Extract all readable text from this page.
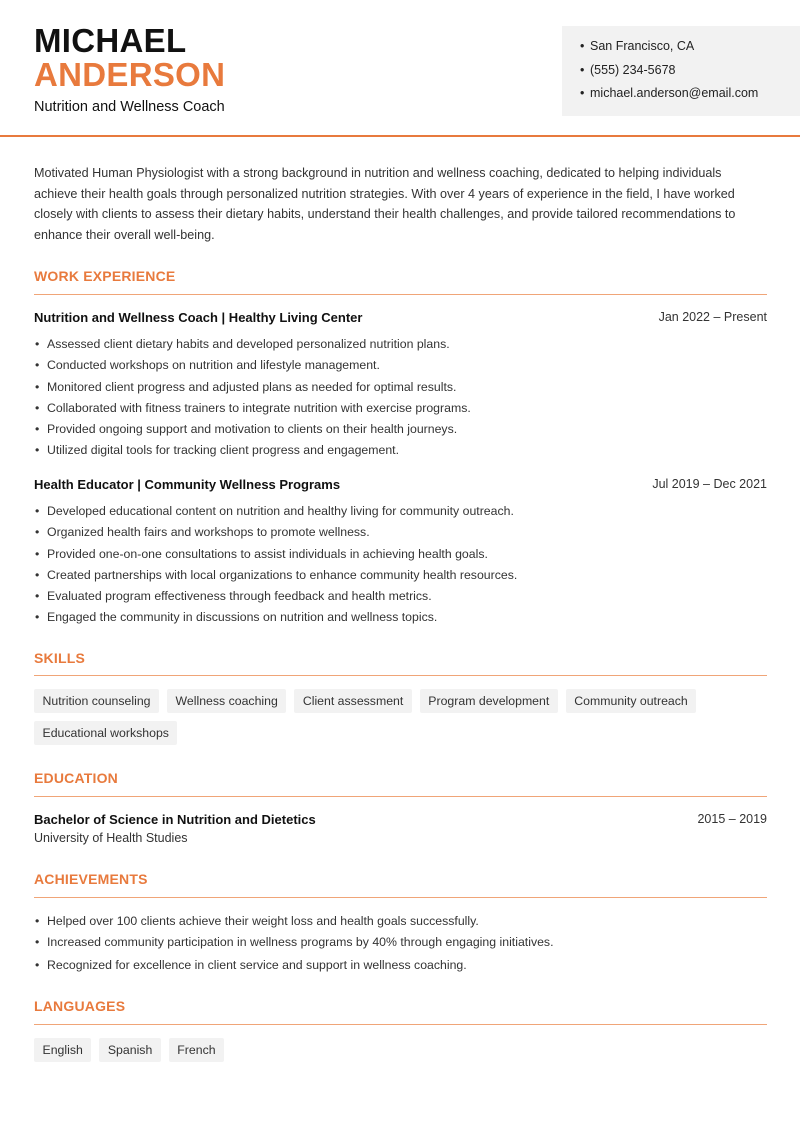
MICHAEL
ANDERSON
Nutrition and Wellness Coach
• San Francisco, CA
• (555) 234-5678
• michael.anderson@email.com
Motivated Human Physiologist with a strong background in nutrition and wellness coaching, dedicated to helping individuals achieve their health goals through personalized nutrition strategies. With over 4 years of experience in the field, I have worked closely with clients to assess their dietary habits, understand their health challenges, and provide tailored recommendations to enhance their overall well-being.
WORK EXPERIENCE
Nutrition and Wellness Coach | Healthy Living Center	Jan 2022 – Present
• Assessed client dietary habits and developed personalized nutrition plans.
• Conducted workshops on nutrition and lifestyle management.
• Monitored client progress and adjusted plans as needed for optimal results.
• Collaborated with fitness trainers to integrate nutrition with exercise programs.
• Provided ongoing support and motivation to clients on their health journeys.
• Utilized digital tools for tracking client progress and engagement.
Health Educator | Community Wellness Programs	Jul 2019 – Dec 2021
• Developed educational content on nutrition and healthy living for community outreach.
• Organized health fairs and workshops to promote wellness.
• Provided one-on-one consultations to assist individuals in achieving health goals.
• Created partnerships with local organizations to enhance community health resources.
• Evaluated program effectiveness through feedback and health metrics.
• Engaged the community in discussions on nutrition and wellness topics.
SKILLS
Nutrition counseling	Wellness coaching	Client assessment	Program development	Community outreach
Educational workshops
EDUCATION
Bachelor of Science in Nutrition and Dietetics	2015 – 2019
University of Health Studies
ACHIEVEMENTS
• Helped over 100 clients achieve their weight loss and health goals successfully.
• Increased community participation in wellness programs by 40% through engaging initiatives.
• Recognized for excellence in client service and support in wellness coaching.
LANGUAGES
English	Spanish	French
